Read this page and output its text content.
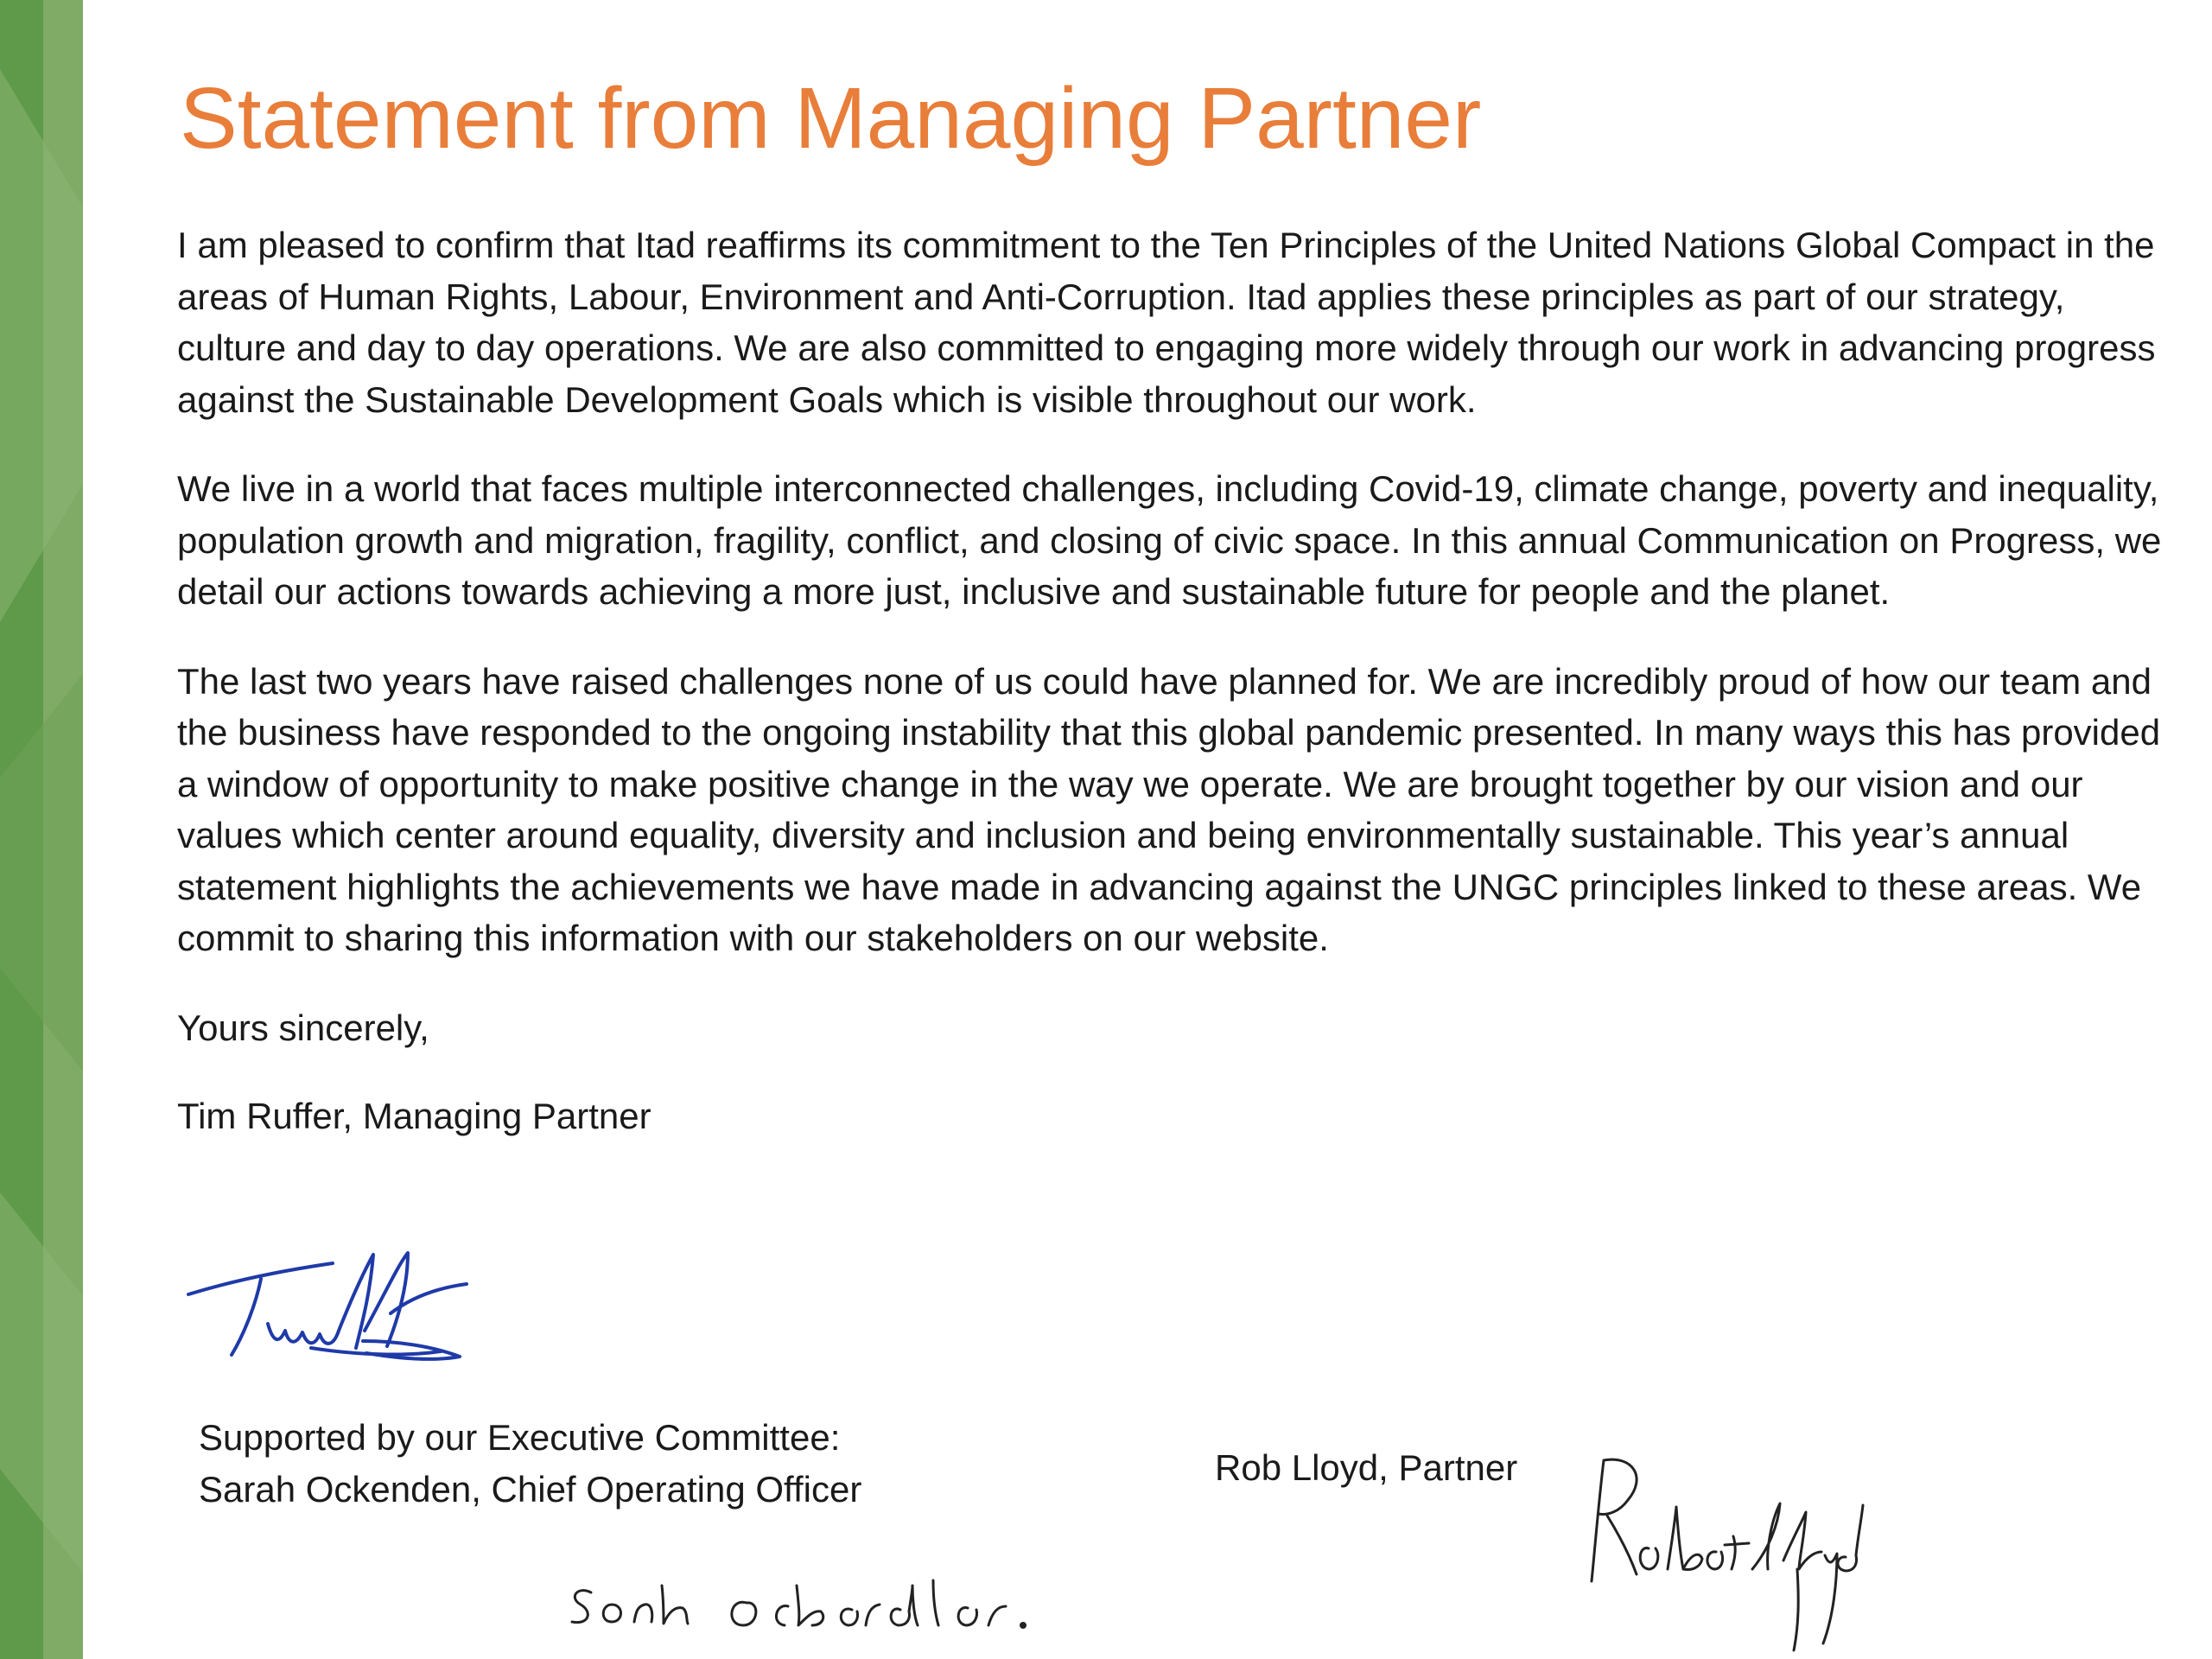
Statement from Managing Partner

I am pleased to confirm that Itad reaffirms its commitment to the Ten Principles of the United Nations Global Compact in the areas of Human Rights, Labour, Environment and Anti-Corruption. Itad applies these principles as part of our strategy, culture and day to day operations. We are also committed to engaging more widely through our work in advancing progress against the Sustainable Development Goals which is visible throughout our work.

We live in a world that faces multiple interconnected challenges, including Covid-19, climate change, poverty and inequality, population growth and migration, fragility, conflict, and closing of civic space. In this annual Communication on Progress, we detail our actions towards achieving a more just, inclusive and sustainable future for people and the planet.

The last two years have raised challenges none of us could have planned for. We are incredibly proud of how our team and the business have responded to the ongoing instability that this global pandemic presented. In many ways this has provided a window of opportunity to make positive change in the way we operate. We are brought together by our vision and our values which center around equality, diversity and inclusion and being environmentally sustainable. This year’s annual statement highlights the achievements we have made in advancing against the UNGC principles linked to these areas. We commit to sharing this information with our stakeholders on our website.

Yours sincerely,

Tim Ruffer, Managing Partner

Supported by our Executive Committee:
Sarah Ockenden, Chief Operating Officer
Rob Lloyd, Partner
